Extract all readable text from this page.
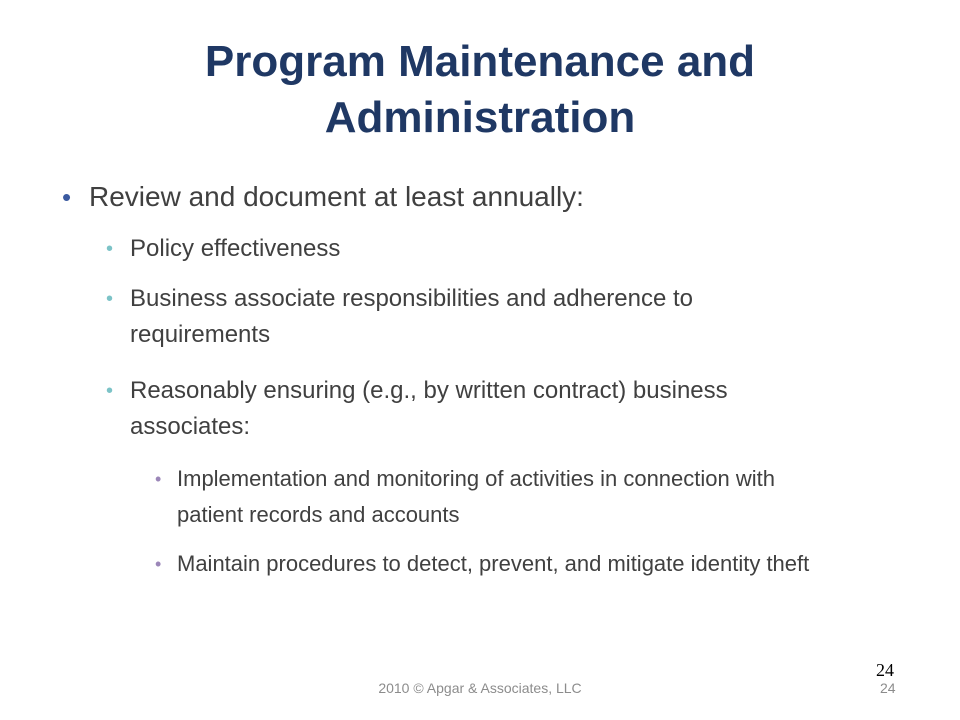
Program Maintenance and
Administration
• Review and document at least annually:
• Policy effectiveness
• Business associate responsibilities and adherence to requirements
• Reasonably ensuring (e.g., by written contract) business associates:
• Implementation and monitoring of activities in connection with patient records and accounts
• Maintain procedures to detect, prevent, and mitigate identity theft
24
2010 © Apgar & Associates, LLC	24
